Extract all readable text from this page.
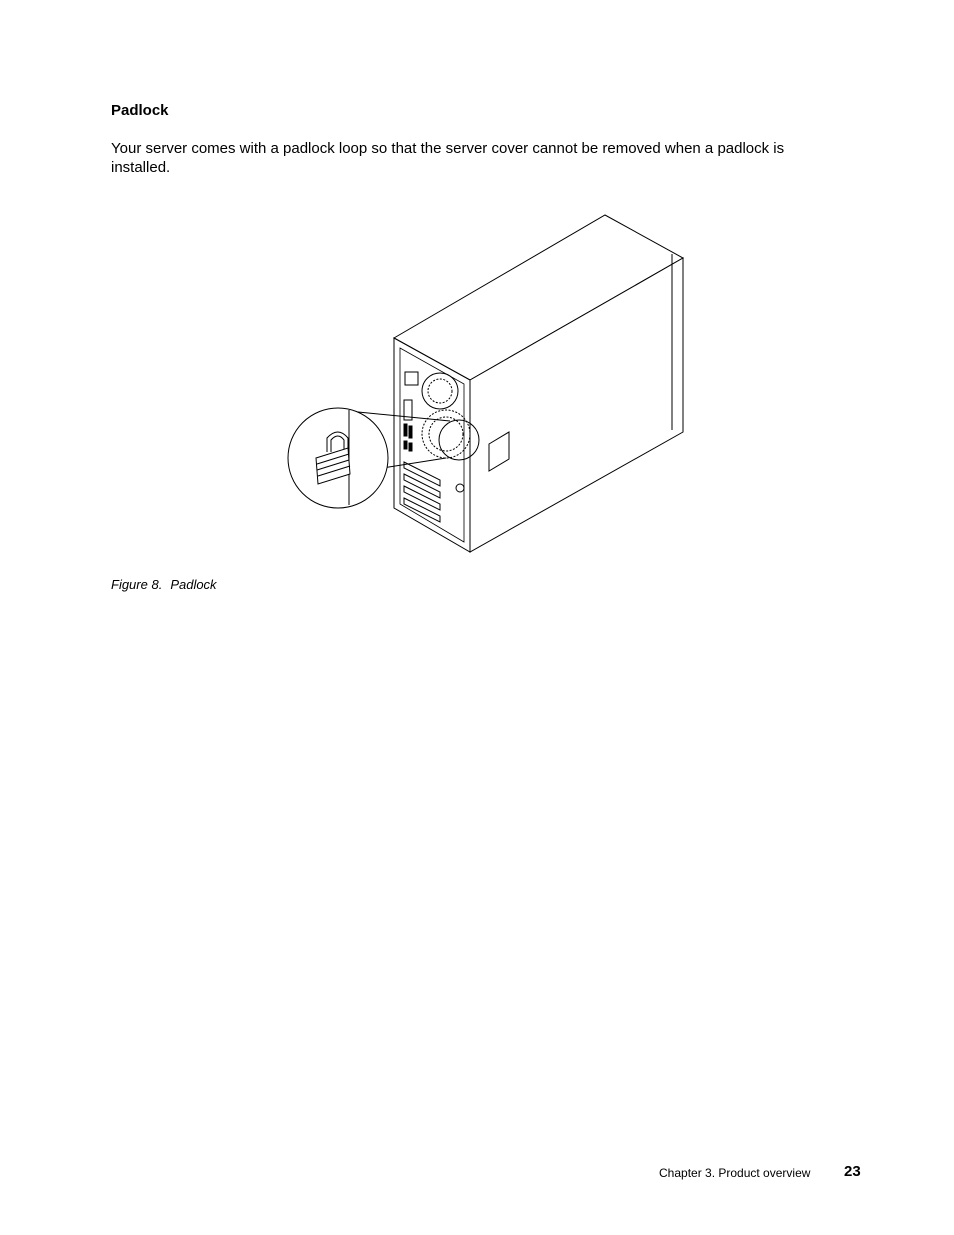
Padlock
Your server comes with a padlock loop so that the server cover cannot be removed when a padlock is installed.
Figure 8. Padlock
Chapter 3. Product overview 23
